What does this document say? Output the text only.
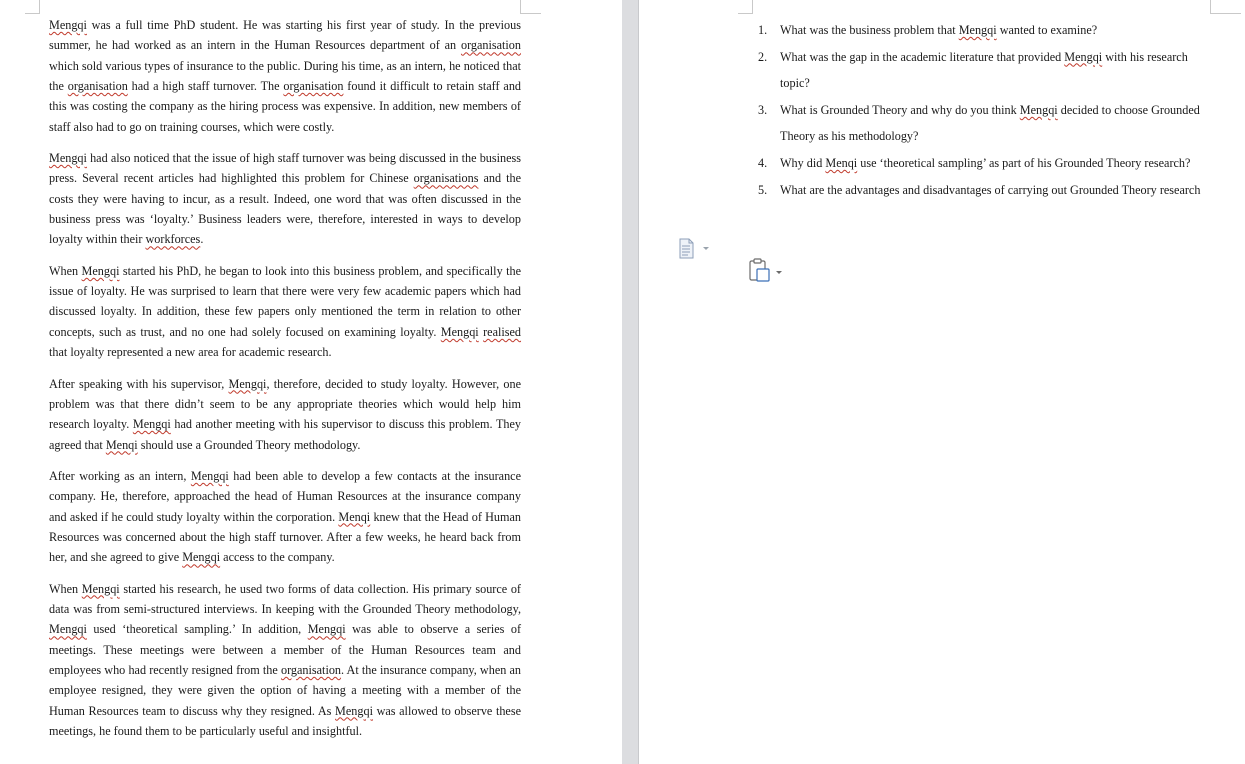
Mengqi was a full time PhD student. He was starting his first year of study. In the previous summer, he had worked as an intern in the Human Resources department of an organisation which sold various types of insurance to the public. During his time, as an intern, he noticed that the organisation had a high staff turnover. The organisation found it difficult to retain staff and this was costing the company as the hiring process was expensive. In addition, new members of staff also had to go on training courses, which were costly.

Mengqi had also noticed that the issue of high staff turnover was being discussed in the business press. Several recent articles had highlighted this problem for Chinese organisations and the costs they were having to incur, as a result. Indeed, one word that was often discussed in the business press was ‘loyalty.’ Business leaders were, therefore, interested in ways to develop loyalty within their workforces.

When Mengqi started his PhD, he began to look into this business problem, and specifically the issue of loyalty. He was surprised to learn that there were very few academic papers which had discussed loyalty. In addition, these few papers only mentioned the term in relation to other concepts, such as trust, and no one had solely focused on examining loyalty. Mengqi realised that loyalty represented a new area for academic research.

After speaking with his supervisor, Mengqi, therefore, decided to study loyalty. However, one problem was that there didn’t seem to be any appropriate theories which would help him research loyalty. Mengqi had another meeting with his supervisor to discuss this problem. They agreed that Menqi should use a Grounded Theory methodology.

After working as an intern, Mengqi had been able to develop a few contacts at the insurance company. He, therefore, approached the head of Human Resources at the insurance company and asked if he could study loyalty within the corporation. Menqi knew that the Head of Human Resources was concerned about the high staff turnover. After a few weeks, he heard back from her, and she agreed to give Mengqi access to the company.

When Mengqi started his research, he used two forms of data collection. His primary source of data was from semi-structured interviews. In keeping with the Grounded Theory methodology, Mengqi used ‘theoretical sampling.’ In addition, Mengqi was able to observe a series of meetings. These meetings were between a member of the Human Resources team and employees who had recently resigned from the organisation. At the insurance company, when an employee resigned, they were given the option of having a meeting with a member of the Human Resources team to discuss why they resigned. As Mengqi was allowed to observe these meetings, he found them to be particularly useful and insightful.

1. What was the business problem that Mengqi wanted to examine?
2. What was the gap in the academic literature that provided Mengqi with his research topic?
3. What is Grounded Theory and why do you think Mengqi decided to choose Grounded Theory as his methodology?
4. Why did Menqi use ‘theoretical sampling’ as part of his Grounded Theory research?
5. What are the advantages and disadvantages of carrying out Grounded Theory research
